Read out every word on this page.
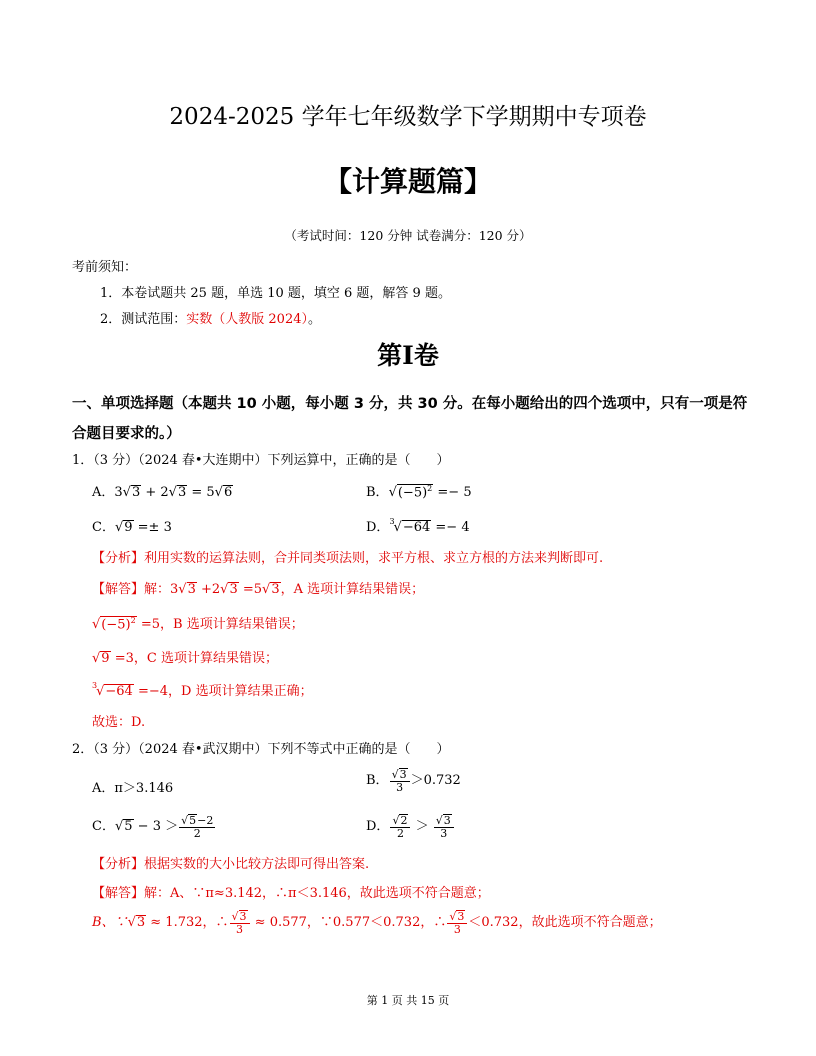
2024-2025 学年七年级数学下学期期中专项卷
【计算题篇】
（考试时间：120 分钟 试卷满分：120 分）
考前须知：
1．本卷试题共 25 题，单选 10 题，填空 6 题，解答 9 题。
2．测试范围：实数（人教版 2024）。
第Ⅰ卷
一、单项选择题（本题共 10 小题，每小题 3 分，共 30 分。在每小题给出的四个选项中，只有一项是符
合题目要求的。）
1．（3 分）（2024 春•大连期中）下列运算中，正确的是（　　）
A．3√3 + 2√3 = 5√6	B．$√(-5)^2 =- 5$
C．√9 =± 3	D．$^3$√−64 =− 4
【分析】利用实数的运算法则，合并同类项法则，求平方根、求立方根的方法来判断即可.
【解答】解：3√3 +2√3 =5√3，A 选项计算结果错误；
$√(-5)^2 =5$，B 选项计算结果错误；
√9 =3，C 选项计算结果错误；
$^3$√−64 =−4，D 选项计算结果正确；
故选：D.
2．（3 分）（2024 春•武汉期中）下列不等式中正确的是（　　）
A．π＞3.146
B． $\frac{√3}{3} >0.732$
C．$√5 - 3 > \frac{√5-2}{2}$	D． $\frac{√2}{2} > \frac{√3}{3}$
【分析】根据实数的大小比较方法即可得出答案.
【解答】解：A、∵π≈3.142，∴π＜3.146，故此选项不符合题意；
B、∵√3 ≈ 1.732，∴ $\frac{√3}{3} \approx 0.577$，∵0.577＜0.732，∴ $\frac{√3}{3} <0.732$，故此选项不符合题意；
第 1 页 共 15 页
